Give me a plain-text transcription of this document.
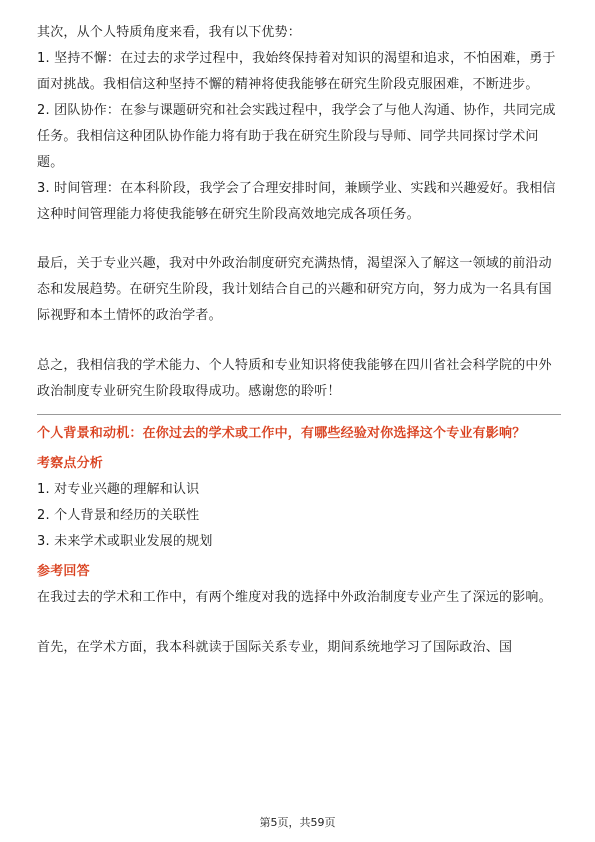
其次，从个人特质角度来看，我有以下优势：

1. 坚持不懈：在过去的求学过程中，我始终保持着对知识的渴望和追求，不怕困难，勇于面对挑战。我相信这种坚持不懈的精神将使我能够在研究生阶段克服困难，不断进步。

2. 团队协作：在参与课题研究和社会实践过程中，我学会了与他人沟通、协作，共同完成任务。我相信这种团队协作能力将有助于我在研究生阶段与导师、同学共同探讨学术问题。

3. 时间管理：在本科阶段，我学会了合理安排时间，兼顾学业、实践和兴趣爱好。我相信这种时间管理能力将使我能够在研究生阶段高效地完成各项任务。

最后，关于专业兴趣，我对中外政治制度研究充满热情，渴望深入了解这一领域的前沿动态和发展趋势。在研究生阶段，我计划结合自己的兴趣和研究方向，努力成为一名具有国际视野和本土情怀的政治学者。

总之，我相信我的学术能力、个人特质和专业知识将使我能够在四川省社会科学院的中外政治制度专业研究生阶段取得成功。感谢您的聆听！

个人背景和动机：在你过去的学术或工作中，有哪些经验对你选择这个专业有影响？

考察点分析

1. 对专业兴趣的理解和认识

2. 个人背景和经历的关联性

3. 未来学术或职业发展的规划

参考回答

在我过去的学术和工作中，有两个维度对我的选择中外政治制度专业产生了深远的影响。

首先，在学术方面，我本科就读于国际关系专业，期间系统地学习了国际政治、国

第5页，共59页
